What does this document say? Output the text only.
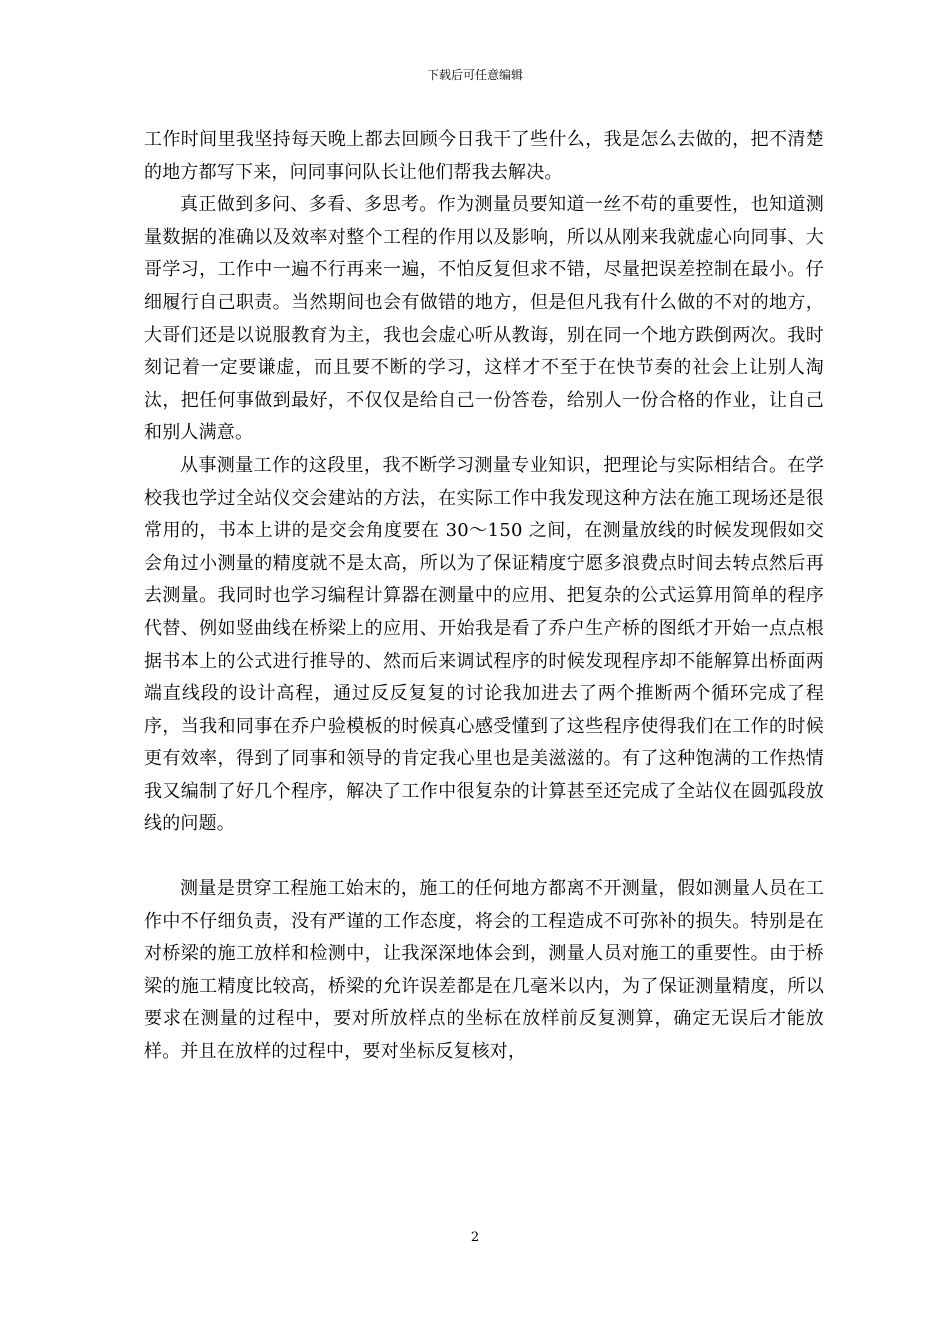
下载后可任意编辑

工作时间里我坚持每天晚上都去回顾今日我干了些什么，我是怎么去做的，把不清楚的地方都写下来，问同事问队长让他们帮我去解决。

真正做到多问、多看、多思考。作为测量员要知道一丝不苟的重要性，也知道测量数据的准确以及效率对整个工程的作用以及影响，所以从刚来我就虚心向同事、大哥学习，工作中一遍不行再来一遍，不怕反复但求不错，尽量把误差控制在最小。仔细履行自己职责。当然期间也会有做错的地方，但是但凡我有什么做的不对的地方，大哥们还是以说服教育为主，我也会虚心听从教诲，别在同一个地方跌倒两次。我时刻记着一定要谦虚，而且要不断的学习，这样才不至于在快节奏的社会上让别人淘汰，把任何事做到最好，不仅仅是给自己一份答卷，给别人一份合格的作业，让自己和别人满意。

从事测量工作的这段里，我不断学习测量专业知识，把理论与实际相结合。在学校我也学过全站仪交会建站的方法，在实际工作中我发现这种方法在施工现场还是很常用的，书本上讲的是交会角度要在 30～150 之间，在测量放线的时候发现假如交会角过小测量的精度就不是太高，所以为了保证精度宁愿多浪费点时间去转点然后再去测量。我同时也学习编程计算器在测量中的应用、把复杂的公式运算用简单的程序代替、例如竖曲线在桥梁上的应用、开始我是看了乔户生产桥的图纸才开始一点点根据书本上的公式进行推导的、然而后来调试程序的时候发现程序却不能解算出桥面两端直线段的设计高程，通过反反复复的讨论我加进去了两个推断两个循环完成了程序，当我和同事在乔户验模板的时候真心感受懂到了这些程序使得我们在工作的时候更有效率，得到了同事和领导的肯定我心里也是美滋滋的。有了这种饱满的工作热情我又编制了好几个程序，解决了工作中很复杂的计算甚至还完成了全站仪在圆弧段放线的问题。

测量是贯穿工程施工始末的，施工的任何地方都离不开测量，假如测量人员在工作中不仔细负责，没有严谨的工作态度，将会的工程造成不可弥补的损失。特别是在对桥梁的施工放样和检测中，让我深深地体会到，测量人员对施工的重要性。由于桥梁的施工精度比较高，桥梁的允许误差都是在几毫米以内，为了保证测量精度，所以要求在测量的过程中，要对所放样点的坐标在放样前反复测算，确定无误后才能放样。并且在放样的过程中，要对坐标反复核对，

2
